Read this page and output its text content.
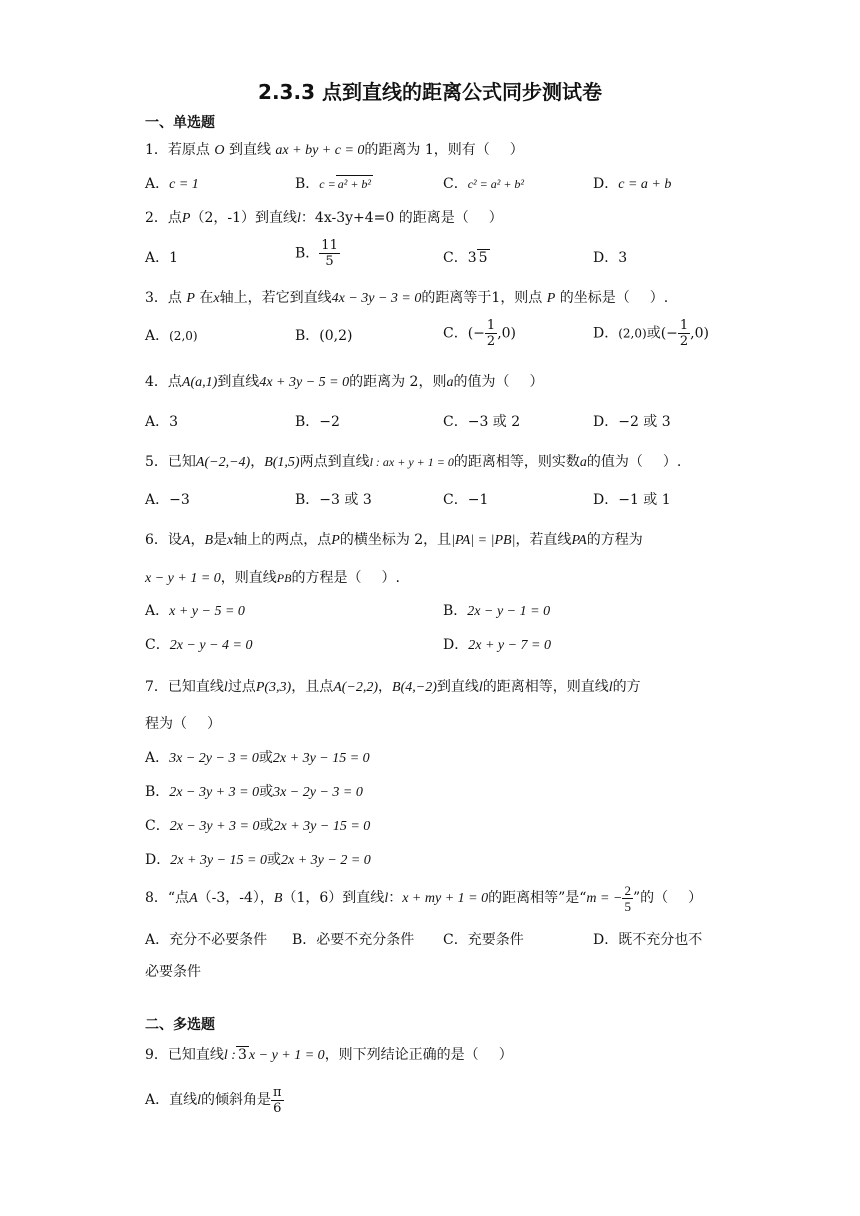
2.3.3 点到直线的距离公式同步测试卷
一、单选题
1．若原点 O 到直线 ax + by + c = 0的距离为 1，则有（ ）
A．c = 1	B．c = a² + b²	C．c² = a² + b²	D．c = a + b
2．点P（2，-1）到直线l：4x-3y+4=0 的距离是（ ）
A．1	B． $\frac{11}{5}$	C．3 5	D．3
3．点 P 在x轴上，若它到直线4x − 3y − 3 = 0的距离等于1，则点 P 的坐标是（ ）.
A．(2,0)	B．(0,2)	C．(− $\frac{1}{2} ,0$)	D．(2,0)或(− $\frac{1}{2} ,0$)
4．点A(a,1)到直线4x + 3y − 5 = 0的距离为 2，则a的值为（ ）
A．3	B．−2	C．−3 或 2	D．−2 或 3
5．已知A(−2,−4)，B(1,5)两点到直线l : ax + y + 1 = 0的距离相等，则实数a的值为（ ）.
A．−3	B．−3 或 3	C．−1	D．−1 或 1
6．设A，B是x轴上的两点，点P的横坐标为 2，且|PA| = |PB|，若直线PA的方程为
x − y + 1 = 0，则直线PB的方程是（ ）.
A．x + y − 5 = 0	B．2x − y − 1 = 0
C．2x − y − 4 = 0	D．2x + y − 7 = 0
7．已知直线l过点P(3,3)，且点A(−2,2)，B(4,−2)到直线l的距离相等，则直线l的方
程为（ ）
A．3x − 2y − 3 = 0或2x + 3y − 15 = 0
B．2x − 3y + 3 = 0或3x − 2y − 3 = 0
C．2x − 3y + 3 = 0或2x + 3y − 15 = 0
D．2x + 3y − 15 = 0或2x + 3y − 2 = 0
8．“点A（-3，-4），B（1，6）到直线l：x + my + 1 = 0的距离相等”是“m = − $\frac{2}{5}$ ”的（ ）
A．充分不必要条件 B．必要不充分条件 C．充要条件	D．既不充分也不
必要条件
二、多选题
9．已知直线l : 3 x − y + 1 = 0，则下列结论正确的是（ ）
A．直线l的倾斜角是 $\frac{\pi}{6}$
